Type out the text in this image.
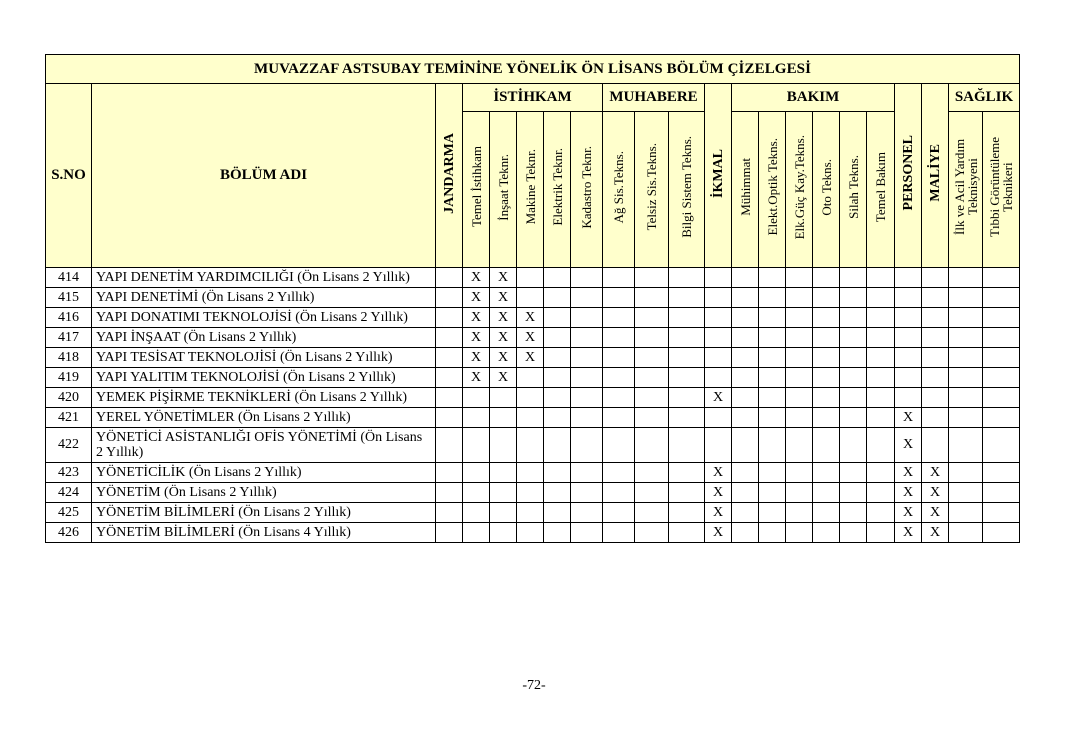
MUVAZZAF ASTSUBAY TEMİNİNE YÖNELİK ÖN LİSANS BÖLÜM ÇİZELGESİ																					
S.NO	BÖLÜM ADI	JANDARMA	İSTİHKAM					MUHABERE			İKMAL	BAKIM						PERSONEL	MALİYE	SAĞLIK	
			Temel İstihkam	İnşaat Teknr.	Makine Teknr.	Elektrik Teknr.	Kadastro Teknr.	Ağ Sis.Tekns.	Telsiz Sis.Tekns.	Bilgi Sistem Tekns.		Mühimmat	Elekt.Optik Tekns.	Elk.Güç Kay.Tekns.	Oto Tekns.	Silah Tekns.	Temel Bakım			İlk ve Acil Yardım Teknisyeni	Tıbbi Görüntüleme Teknikeri
414	YAPI DENETİM YARDIMCILIĞI (Ön Lisans 2 Yıllık)		X	X																	
415	YAPI DENETİMİ (Ön Lisans 2 Yıllık)		X	X																	
416	YAPI DONATIMI TEKNOLOJİSİ (Ön Lisans 2 Yıllık)		X	X	X																
417	YAPI İNŞAAT (Ön Lisans 2 Yıllık)		X	X	X																
418	YAPI TESİSAT TEKNOLOJİSİ (Ön Lisans 2 Yıllık)		X	X	X																
419	YAPI YALITIM TEKNOLOJİSİ (Ön Lisans 2 Yıllık)		X	X																	
420	YEMEK PİŞİRME TEKNİKLERİ (Ön Lisans 2 Yıllık)										X										
421	YEREL YÖNETİMLER (Ön Lisans 2 Yıllık)																	X			
422	YÖNETİCİ ASİSTANLIĞI OFİS YÖNETİMİ (Ön Lisans 2 Yıllık)																	X			
423	YÖNETİCİLİK (Ön Lisans 2 Yıllık)										X							X	X		
424	YÖNETİM (Ön Lisans 2 Yıllık)										X							X	X		
425	YÖNETİM BİLİMLERİ (Ön Lisans 2 Yıllık)										X							X	X		
426	YÖNETİM BİLİMLERİ (Ön Lisans 4 Yıllık)										X							X	X		
-72-
